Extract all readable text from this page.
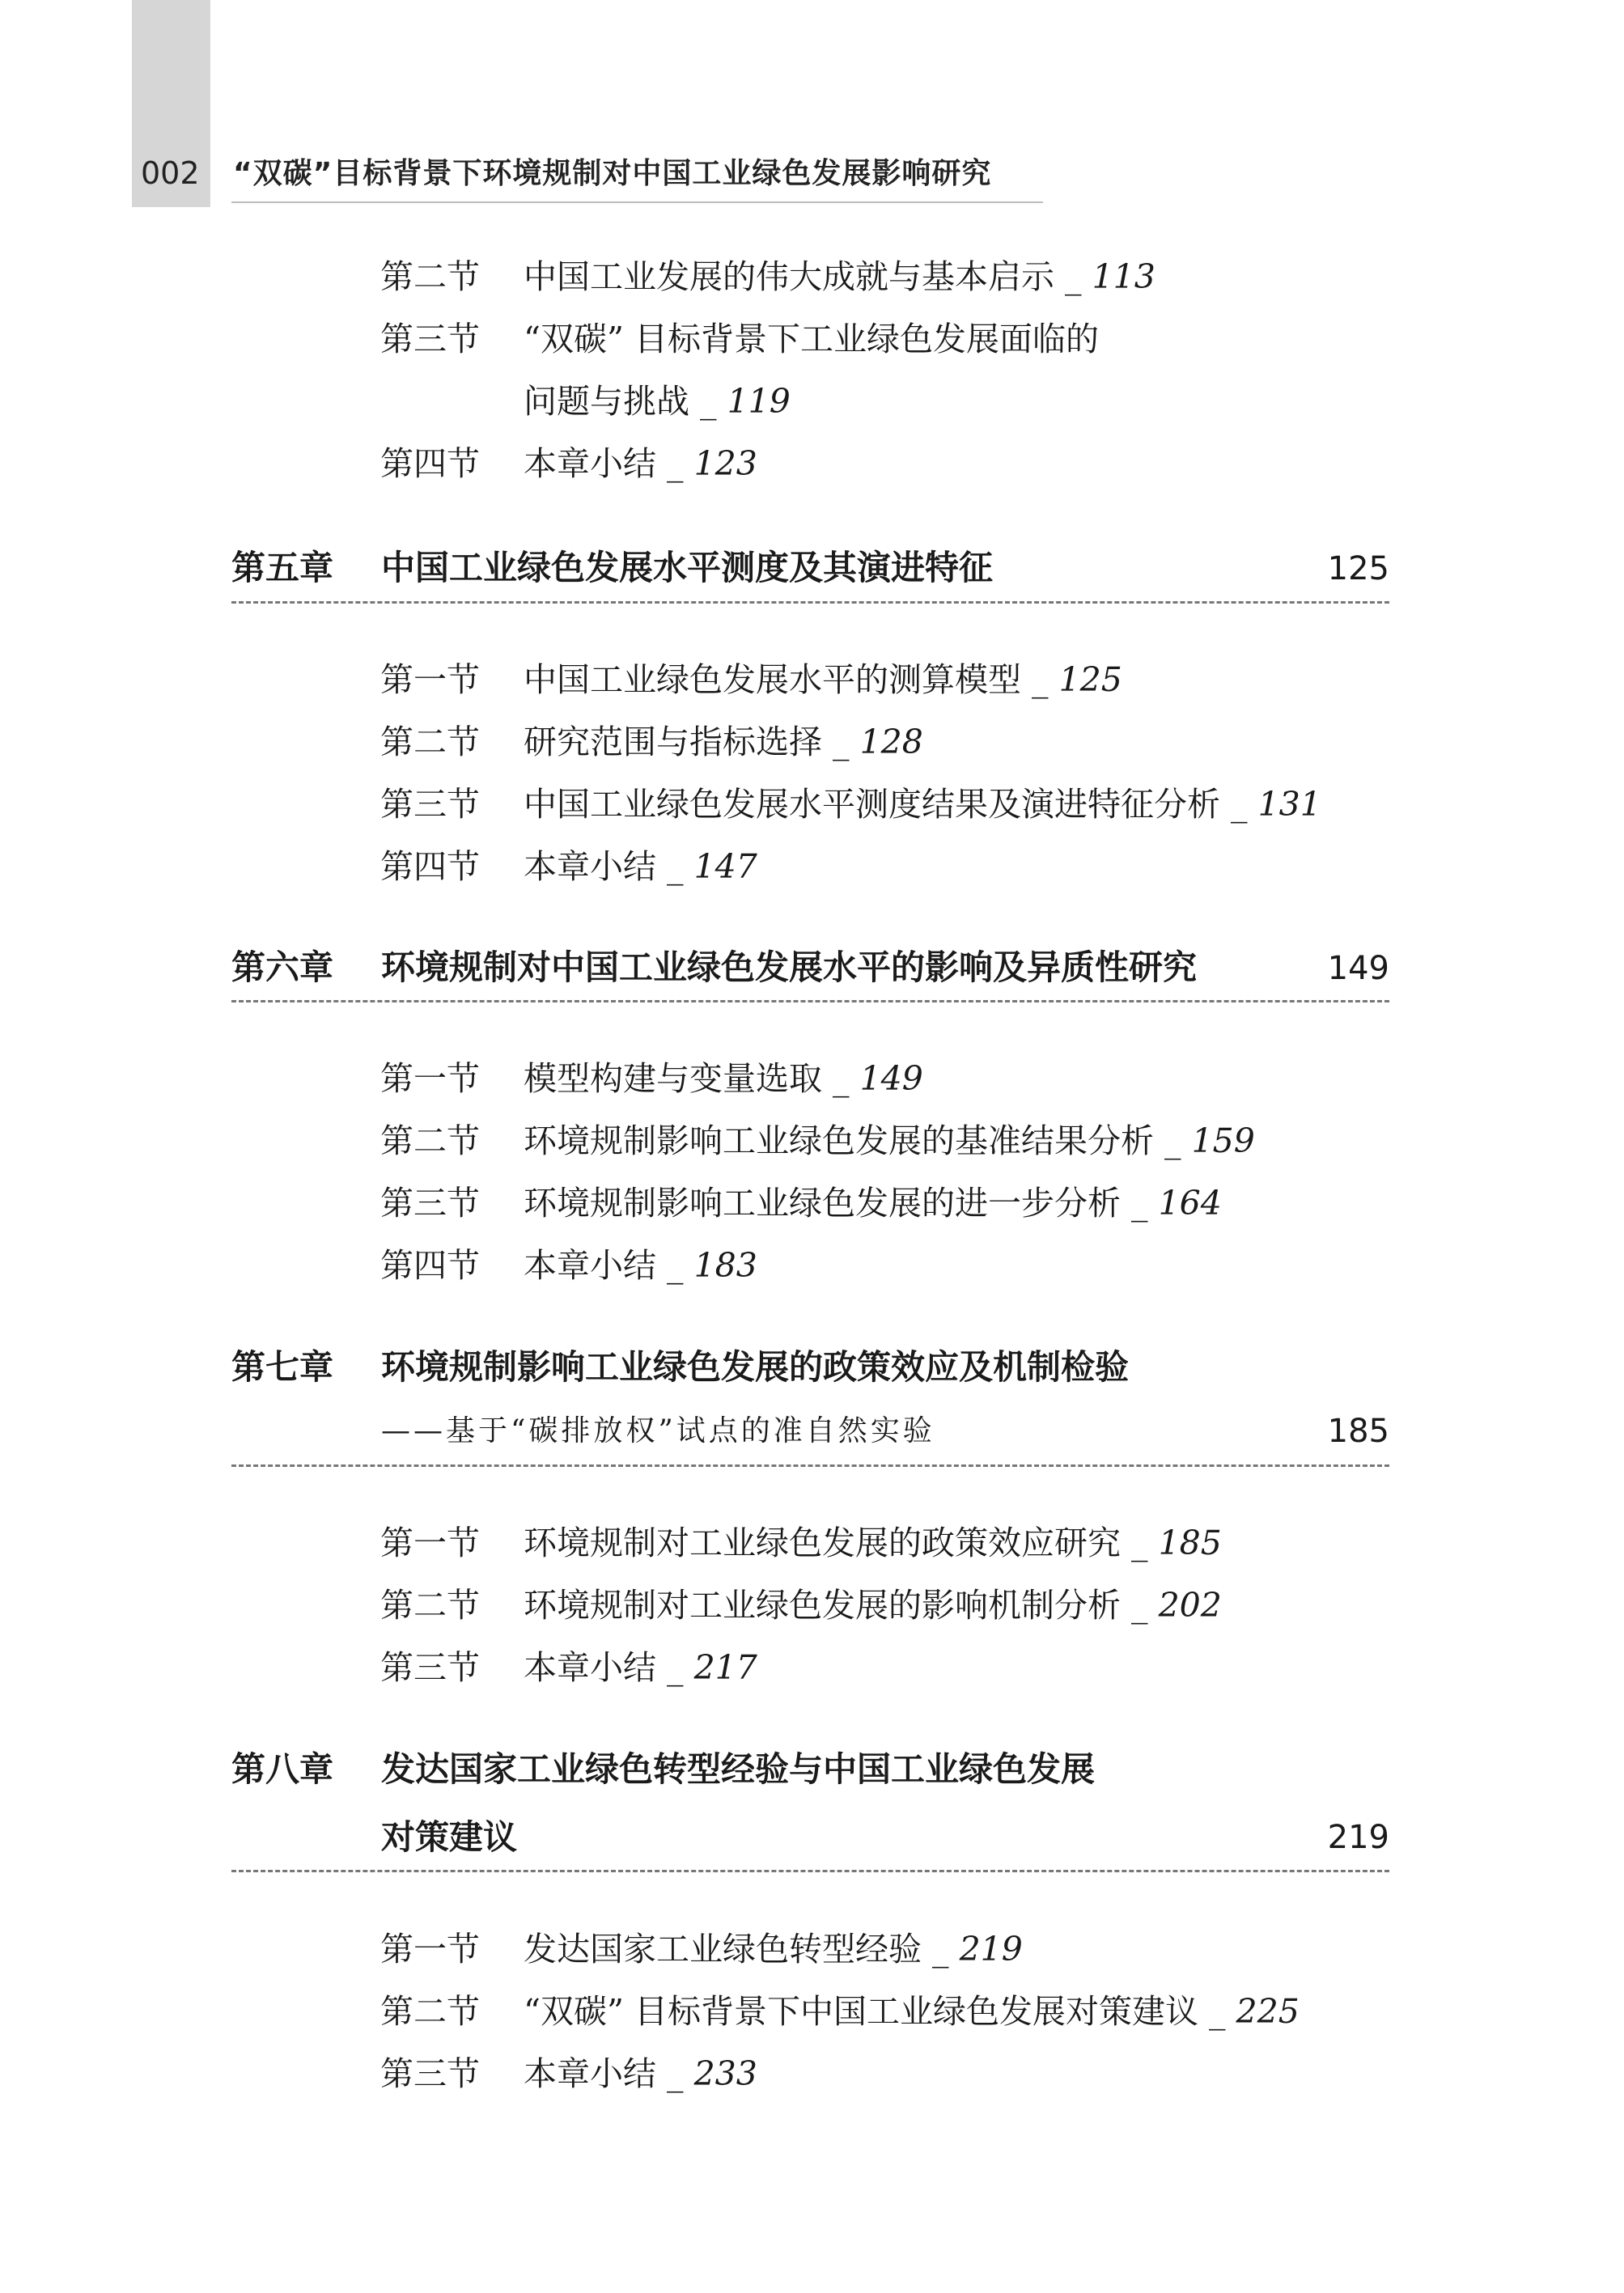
002 “双碳”目标背景下环境规制对中国工业绿色发展影响研究
第二节 中国工业发展的伟大成就与基本启示 _ 113
第三节 “双碳” 目标背景下工业绿色发展面临的
问题与挑战 _ 119
第四节 本章小结 _ 123
第五章 中国工业绿色发展水平测度及其演进特征	125
第一节 中国工业绿色发展水平的测算模型 _ 125
第二节 研究范围与指标选择 _ 128
第三节 中国工业绿色发展水平测度结果及演进特征分析 _ 131
第四节 本章小结 _ 147
第六章 环境规制对中国工业绿色发展水平的影响及异质性研究	149
第一节 模型构建与变量选取 _ 149
第二节 环境规制影响工业绿色发展的基准结果分析 _ 159
第三节 环境规制影响工业绿色发展的进一步分析 _ 164
第四节 本章小结 _ 183
第七章 环境规制影响工业绿色发展的政策效应及机制检验
——基于“碳排放权”试点的准自然实验	185
第一节 环境规制对工业绿色发展的政策效应研究 _ 185
第二节 环境规制对工业绿色发展的影响机制分析 _ 202
第三节 本章小结 _ 217
第八章 发达国家工业绿色转型经验与中国工业绿色发展
对策建议	219
第一节 发达国家工业绿色转型经验 _ 219
第二节 “双碳” 目标背景下中国工业绿色发展对策建议 _ 225
第三节 本章小结 _ 233
